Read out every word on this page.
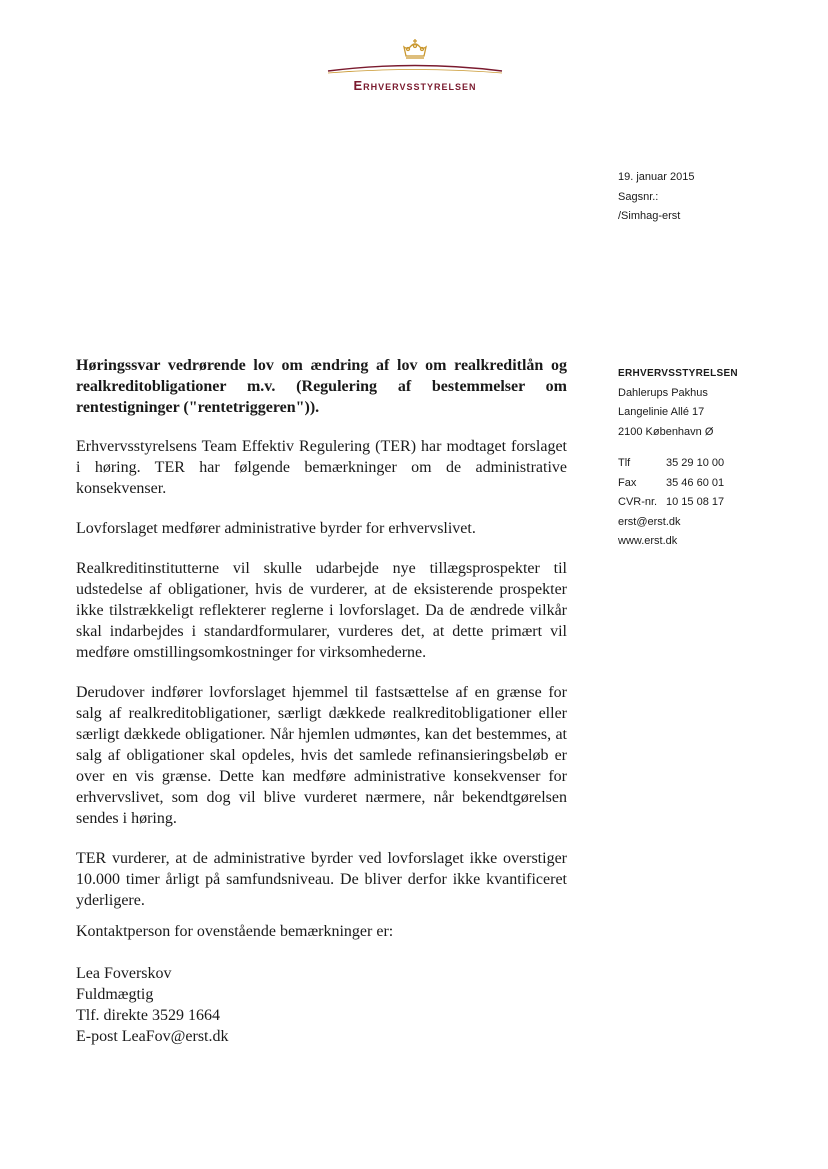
Erhvervsstyrelsen
19. januar 2015
Sagsnr.:
/Simhag-erst
ERHVERVSSTYRELSEN
Dahlerups Pakhus
Langelinie Allé 17
2100 København Ø
Tlf	35 29 10 00
Fax	35 46 60 01
CVR-nr. 10 15 08 17
erst@erst.dk
www.erst.dk
Høringssvar vedrørende lov om ændring af lov om realkreditlån og realkreditobligationer m.v. (Regulering af bestemmelser om rentestigninger ("rentetriggeren")).

Erhvervsstyrelsens Team Effektiv Regulering (TER) har modtaget forslaget i høring. TER har følgende bemærkninger om de administrative konsekvenser.

Lovforslaget medfører administrative byrder for erhvervslivet.

Realkreditinstitutterne vil skulle udarbejde nye tillægsprospekter til udstedelse af obligationer, hvis de vurderer, at de eksisterende prospekter ikke tilstrækkeligt reflekterer reglerne i lovforslaget. Da de ændrede vilkår skal indarbejdes i standardformularer, vurderes det, at dette primært vil medføre omstillingsomkostninger for virksomhederne.

Derudover indfører lovforslaget hjemmel til fastsættelse af en grænse for salg af realkreditobligationer, særligt dækkede realkreditobligationer eller særligt dækkede obligationer. Når hjemlen udmøntes, kan det bestemmes, at salg af obligationer skal opdeles, hvis det samlede refinansieringsbeløb er over en vis grænse. Dette kan medføre administrative konsekvenser for erhvervslivet, som dog vil blive vurderet nærmere, når bekendtgørelsen sendes i høring.

TER vurderer, at de administrative byrder ved lovforslaget ikke overstiger 10.000 timer årligt på samfundsniveau. De bliver derfor ikke kvantificeret yderligere.

Kontaktperson for ovenstående bemærkninger er:
Lea Foverskov
Fuldmægtig
Tlf. direkte 3529 1664
E-post LeaFov@erst.dk
